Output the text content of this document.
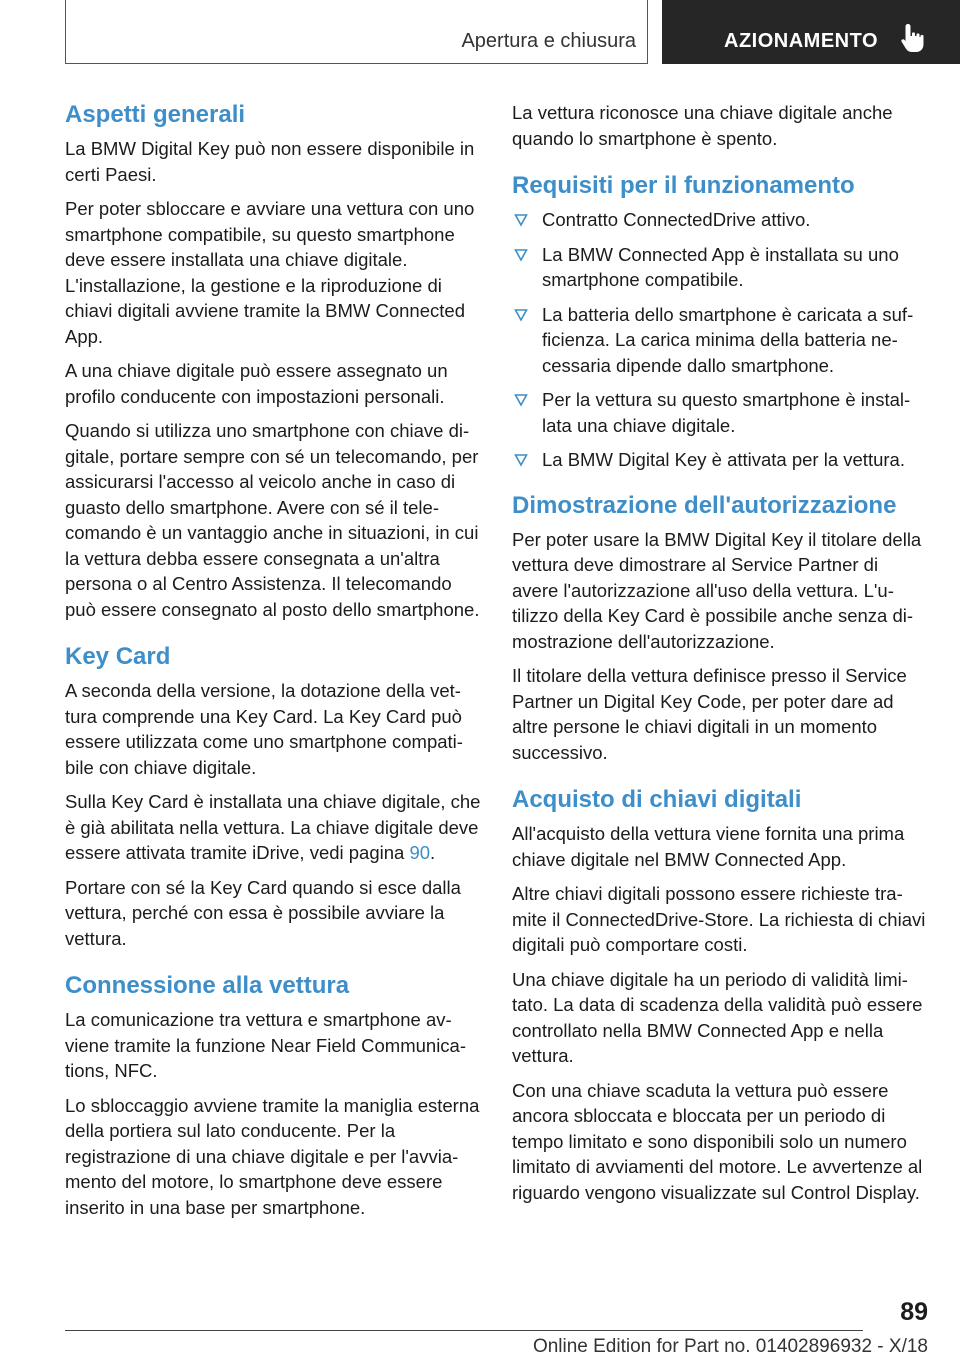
Apertura e chiusura	AZIONAMENTO
Aspetti generali

La BMW Digital Key può non essere disponibile in certi Paesi.

Per poter sbloccare e avviare una vettura con uno smartphone compatibile, su questo smartphone deve essere installata una chiave digitale. L'installazione, la gestione e la riproduzione di chiavi digitali avviene tramite la BMW Connected App.

A una chiave digitale può essere assegnato un profilo conducente con impostazioni personali.

Quando si utilizza uno smartphone con chiave digitale, portare sempre con sé un telecomando, per assicurarsi l'accesso al veicolo anche in caso di guasto dello smartphone. Avere con sé il telecomando è un vantaggio anche in situazioni, in cui la vettura debba essere consegnata a un'altra persona o al Centro Assistenza. Il telecomando può essere consegnato al posto dello smartphone.

Key Card

A seconda della versione, la dotazione della vettura comprende una Key Card. La Key Card può essere utilizzata come uno smartphone compatibile con chiave digitale.

Sulla Key Card è installata una chiave digitale, che è già abilitata nella vettura. La chiave digitale deve essere attivata tramite iDrive, vedi pagina 90.

Portare con sé la Key Card quando si esce dalla vettura, perché con essa è possibile avviare la vettura.

Connessione alla vettura

La comunicazione tra vettura e smartphone avviene tramite la funzione Near Field Communications, NFC.

Lo sbloccaggio avviene tramite la maniglia esterna della portiera sul lato conducente. Per la registrazione di una chiave digitale e per l'avviamento del motore, lo smartphone deve essere inserito in una base per smartphone.

La vettura riconosce una chiave digitale anche quando lo smartphone è spento.

Requisiti per il funzionamento
Contratto ConnectedDrive attivo.
La BMW Connected App è installata su uno smartphone compatibile.
La batteria dello smartphone è caricata a sufficienza. La carica minima della batteria necessaria dipende dallo smartphone.
Per la vettura su questo smartphone è installata una chiave digitale.
La BMW Digital Key è attivata per la vettura.
Dimostrazione dell'autorizzazione

Per poter usare la BMW Digital Key il titolare della vettura deve dimostrare al Service Partner di avere l'autorizzazione all'uso della vettura. L'utilizzo della Key Card è possibile anche senza dimostrazione dell'autorizzazione.

Il titolare della vettura definisce presso il Service Partner un Digital Key Code, per poter dare ad altre persone le chiavi digitali in un momento successivo.

Acquisto di chiavi digitali

All'acquisto della vettura viene fornita una prima chiave digitale nel BMW Connected App.

Altre chiavi digitali possono essere richieste tramite il ConnectedDrive-Store. La richiesta di chiavi digitali può comportare costi.

Una chiave digitale ha un periodo di validità limitato. La data di scadenza della validità può essere controllato nella BMW Connected App e nella vettura.

Con una chiave scaduta la vettura può essere ancora sbloccata e bloccata per un periodo di tempo limitato e sono disponibili solo un numero limitato di avviamenti del motore. Le avvertenze al riguardo vengono visualizzate sul Control Display.

89
Online Edition for Part no. 01402896932 - X/18
